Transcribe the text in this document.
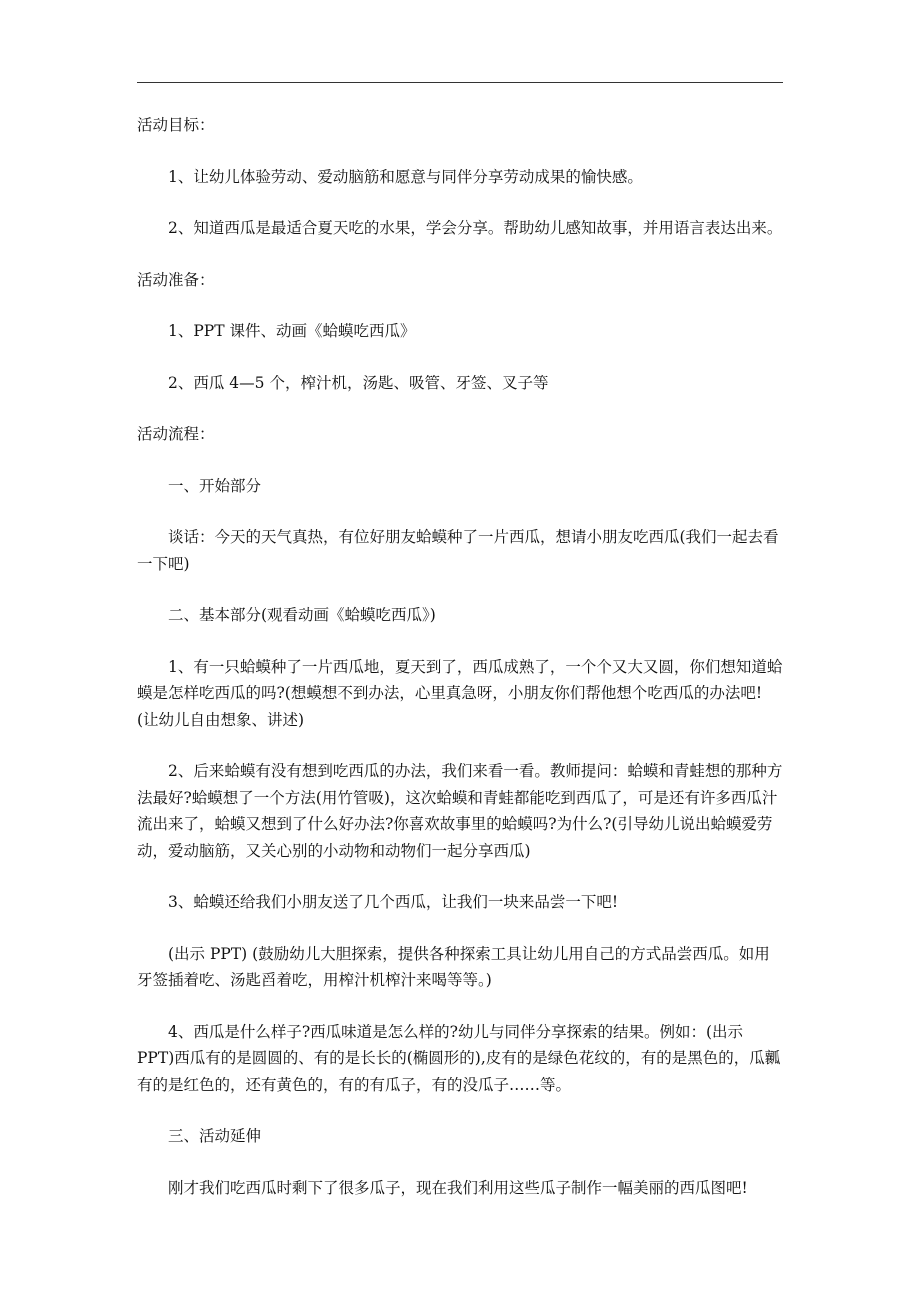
活动目标：

1、让幼儿体验劳动、爱动脑筋和愿意与同伴分享劳动成果的愉快感。

2、知道西瓜是最适合夏天吃的水果，学会分享。帮助幼儿感知故事，并用语言表达出来。

活动准备：

1、PPT 课件、动画《蛤蟆吃西瓜》

2、西瓜 4—5 个，榨汁机，汤匙、吸管、牙签、叉子等

活动流程：

一、开始部分

谈话：今天的天气真热，有位好朋友蛤蟆种了一片西瓜，想请小朋友吃西瓜(我们一起去看一下吧)

二、基本部分(观看动画《蛤蟆吃西瓜》)

1、有一只蛤蟆种了一片西瓜地，夏天到了，西瓜成熟了，一个个又大又圆，你们想知道蛤蟆是怎样吃西瓜的吗?(想蟆想不到办法，心里真急呀，小朋友你们帮他想个吃西瓜的办法吧!(让幼儿自由想象、讲述)

2、后来蛤蟆有没有想到吃西瓜的办法，我们来看一看。教师提问：蛤蟆和青蛙想的那种方法最好?蛤蟆想了一个方法(用竹管吸)，这次蛤蟆和青蛙都能吃到西瓜了，可是还有许多西瓜汁流出来了，蛤蟆又想到了什么好办法?你喜欢故事里的蛤蟆吗?为什么?(引导幼儿说出蛤蟆爱劳动，爱动脑筋，又关心别的小动物和动物们一起分享西瓜)

3、蛤蟆还给我们小朋友送了几个西瓜，让我们一块来品尝一下吧!

(出示 PPT) (鼓励幼儿大胆探索，提供各种探索工具让幼儿用自己的方式品尝西瓜。如用牙签插着吃、汤匙舀着吃，用榨汁机榨汁来喝等等。)

4、西瓜是什么样子?西瓜味道是怎么样的?幼儿与同伴分享探索的结果。例如：(出示 PPT)西瓜有的是圆圆的、有的是长长的(椭圆形的),皮有的是绿色花纹的，有的是黑色的，瓜瓤有的是红色的，还有黄色的，有的有瓜子，有的没瓜子……等。

三、活动延伸

刚才我们吃西瓜时剩下了很多瓜子，现在我们利用这些瓜子制作一幅美丽的西瓜图吧!
